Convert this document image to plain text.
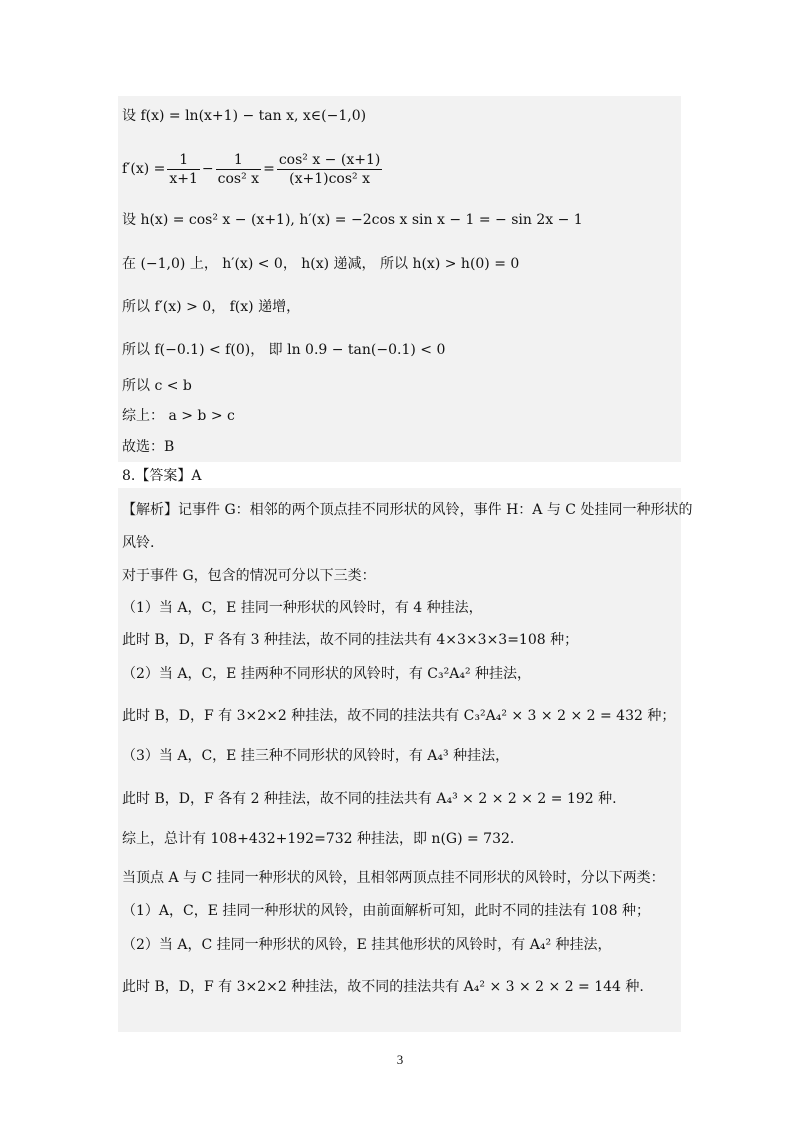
设 f(x) = ln(x+1) − tan x, x∈(−1,0)
$f'(x) = \frac{1}{x+1} - \frac{1}{\text{cos² x}} = \frac{\text{cos² x − (x+1)}}{\text{(x+1)cos² x}}$
设 h(x) = cos² x − (x+1), h′(x) = −2cos x sin x − 1 = − sin 2x − 1
在 (−1,0) 上， h′(x) < 0， h(x) 递减， 所以 h(x) > h(0) = 0
所以 f′(x) > 0， f(x) 递增，
所以 f(−0.1) < f(0)， 即 ln 0.9 − tan(−0.1) < 0
所以 c < b
综上： a > b > c
故选：B
8.【答案】A
【解析】记事件 G：相邻的两个顶点挂不同形状的风铃，事件 H：A 与 C 处挂同一种形状的
风铃.
对于事件 G，包含的情况可分以下三类：
（1）当 A，C，E 挂同一种形状的风铃时，有 4 种挂法，
此时 B，D，F 各有 3 种挂法，故不同的挂法共有 4×3×3×3=108 种；
（2）当 A，C，E 挂两种不同形状的风铃时，有 C₃²A₄² 种挂法，
此时 B，D，F 有 3×2×2 种挂法，故不同的挂法共有 C₃²A₄² × 3 × 2 × 2 = 432 种；
（3）当 A，C，E 挂三种不同形状的风铃时，有 A₄³ 种挂法，
此时 B，D，F 各有 2 种挂法，故不同的挂法共有 A₄³ × 2 × 2 × 2 = 192 种.
综上，总计有 108+432+192=732 种挂法，即 n(G) = 732.
当顶点 A 与 C 挂同一种形状的风铃，且相邻两顶点挂不同形状的风铃时，分以下两类：
（1）A，C，E 挂同一种形状的风铃，由前面解析可知，此时不同的挂法有 108 种；
（2）当 A，C 挂同一种形状的风铃，E 挂其他形状的风铃时，有 A₄² 种挂法，
此时 B，D，F 有 3×2×2 种挂法，故不同的挂法共有 A₄² × 3 × 2 × 2 = 144 种.
3
